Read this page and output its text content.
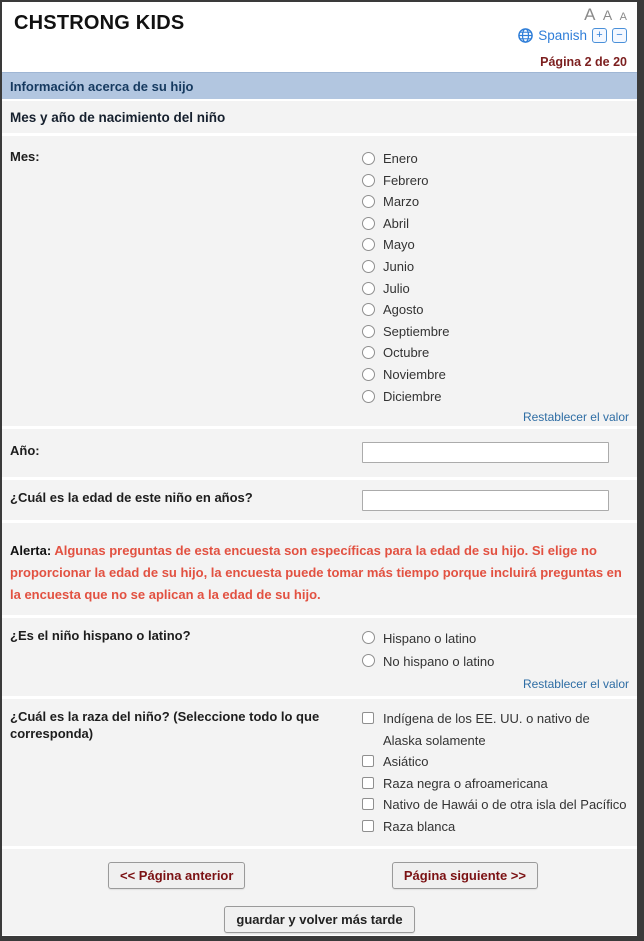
CHSTRONG KIDS	A A A
Spanish +	−
Página 2 de 20
Información acerca de su hijo
Mes y año de nacimiento del niño
Mes:	Enero
Febrero
Marzo
Abril
Mayo
Junio
Julio
Agosto
Septiembre
Octubre
Noviembre
Diciembre
Restablecer el valor
Año:
¿Cuál es la edad de este niño en años?
Alerta: Algunas preguntas de esta encuesta son específicas para la edad de su hijo. Si elige no proporcionar la edad de su hijo, la encuesta puede tomar más tiempo porque incluirá preguntas en la encuesta que no se aplican a la edad de su hijo.
¿Es el niño hispano o latino?	Hispano o latino
No hispano o latino
Restablecer el valor
¿Cuál es la raza del niño? (Seleccione todo lo que corresponda)
Indígena de los EE. UU. o nativo de Alaska solamente
Asiático
Raza negra o afroamericana
Nativo de Hawái o de otra isla del Pacífico
Raza blanca
<< Página anterior	Página siguiente >>
guardar y volver más tarde
